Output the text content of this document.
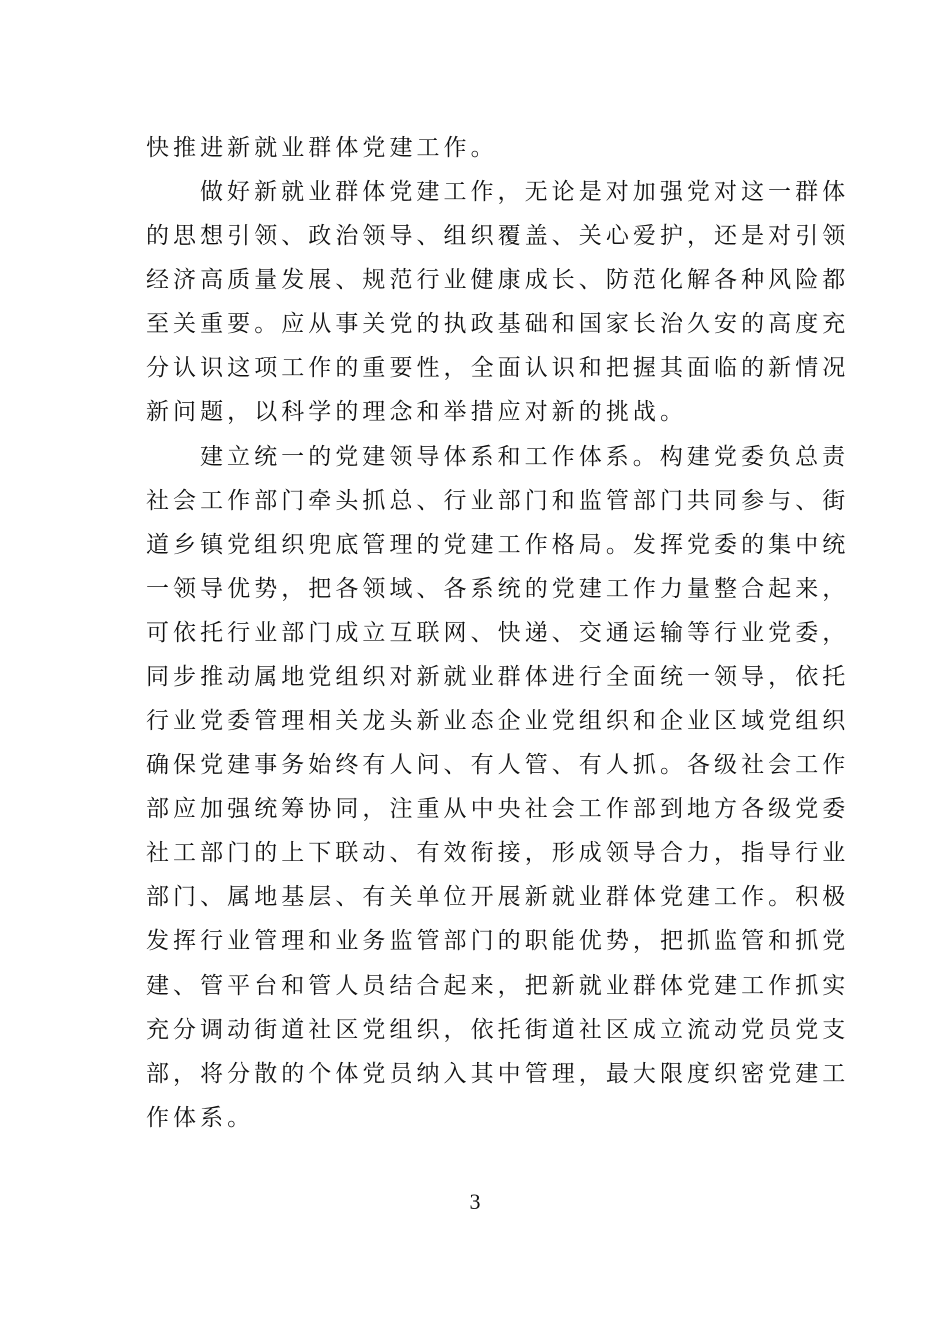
快推进新就业群体党建工作。
做好新就业群体党建工作，无论是对加强党对这一群体
的思想引领、政治领导、组织覆盖、关心爱护，还是对引领
经济高质量发展、规范行业健康成长、防范化解各种风险都
至关重要。应从事关党的执政基础和国家长治久安的高度充
分认识这项工作的重要性，全面认识和把握其面临的新情况
新问题，以科学的理念和举措应对新的挑战。
建立统一的党建领导体系和工作体系。构建党委负总责
社会工作部门牵头抓总、行业部门和监管部门共同参与、街
道乡镇党组织兜底管理的党建工作格局。发挥党委的集中统
一领导优势，把各领域、各系统的党建工作力量整合起来，
可依托行业部门成立互联网、快递、交通运输等行业党委，
同步推动属地党组织对新就业群体进行全面统一领导，依托
行业党委管理相关龙头新业态企业党组织和企业区域党组织
确保党建事务始终有人问、有人管、有人抓。各级社会工作
部应加强统筹协同，注重从中央社会工作部到地方各级党委
社工部门的上下联动、有效衔接，形成领导合力，指导行业
部门、属地基层、有关单位开展新就业群体党建工作。积极
发挥行业管理和业务监管部门的职能优势，把抓监管和抓党
建、管平台和管人员结合起来，把新就业群体党建工作抓实
充分调动街道社区党组织，依托街道社区成立流动党员党支
部，将分散的个体党员纳入其中管理，最大限度织密党建工
作体系。
3
